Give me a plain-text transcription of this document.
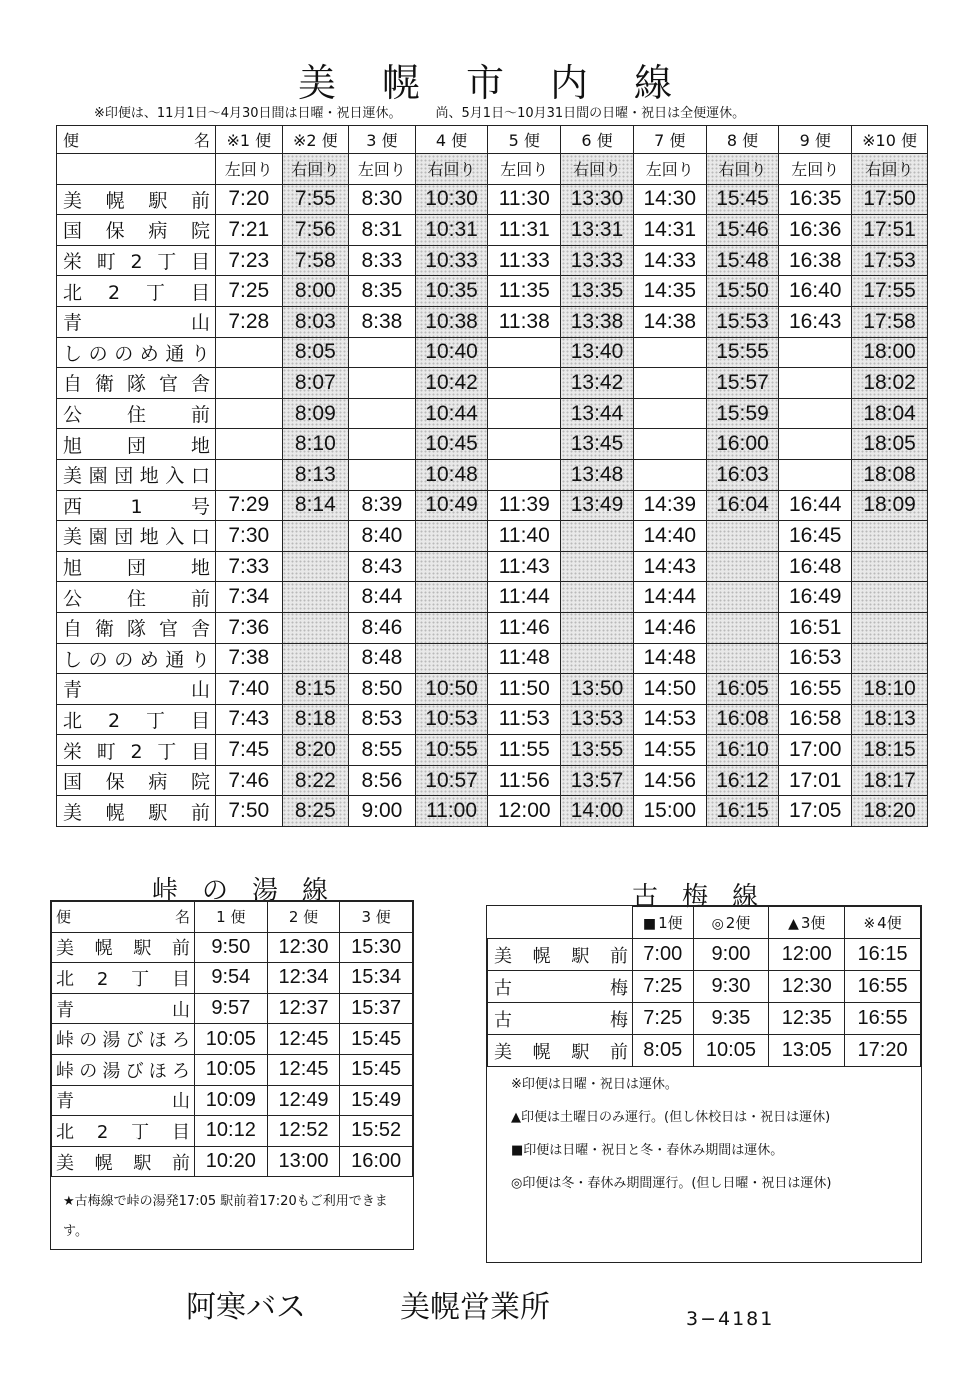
美幌市内線
※印便は、11月1日〜4月30日間は日曜・祝日運休。	尚、5月1日〜10月31日間の日曜・祝日は全便運休。
便 名	※1 便	※2 便	3 便	4 便	5 便	6 便	7 便	8 便	9 便	※10 便
	左回り	右回り	左回り	右回り	左回り	右回り	左回り	右回り	左回り	右回り
美幌駅前	7:20	7:55	8:30	10:30	11:30	13:30	14:30	15:45	16:35	17:50
国保病院	7:21	7:56	8:31	10:31	11:31	13:31	14:31	15:46	16:36	17:51
栄町2丁目	7:23	7:58	8:33	10:33	11:33	13:33	14:33	15:48	16:38	17:53
北2丁目	7:25	8:00	8:35	10:35	11:35	13:35	14:35	15:50	16:40	17:55
青山	7:28	8:03	8:38	10:38	11:38	13:38	14:38	15:53	16:43	17:58
しののめ通り		8:05		10:40		13:40		15:55		18:00
自衛隊官舎		8:07		10:42		13:42		15:57		18:02
公住前		8:09		10:44		13:44		15:59		18:04
旭団地		8:10		10:45		13:45		16:00		18:05
美園団地入口		8:13		10:48		13:48		16:03		18:08
西1号	7:29	8:14	8:39	10:49	11:39	13:49	14:39	16:04	16:44	18:09
美園団地入口	7:30		8:40		11:40		14:40		16:45	
旭団地	7:33		8:43		11:43		14:43		16:48	
公住前	7:34		8:44		11:44		14:44		16:49	
自衛隊官舎	7:36		8:46		11:46		14:46		16:51	
しののめ通り	7:38		8:48		11:48		14:48		16:53	
青山	7:40	8:15	8:50	10:50	11:50	13:50	14:50	16:05	16:55	18:10
北2丁目	7:43	8:18	8:53	10:53	11:53	13:53	14:53	16:08	16:58	18:13
栄町2丁目	7:45	8:20	8:55	10:55	11:55	13:55	14:55	16:10	17:00	18:15
国保病院	7:46	8:22	8:56	10:57	11:56	13:57	14:56	16:12	17:01	18:17
美幌駅前	7:50	8:25	9:00	11:00	12:00	14:00	15:00	16:15	17:05	18:20
峠の湯線
便 名	1 便	2 便	3 便
美幌駅前	9:50	12:30	15:30
北2丁目	9:54	12:34	15:34
青山	9:57	12:37	15:37
峠の湯びほろ	10:05	12:45	15:45
峠の湯びほろ	10:05	12:45	15:45
青山	10:09	12:49	15:49
北2丁目	10:12	12:52	15:52
美幌駅前	10:20	13:00	16:00
★古梅線で峠の湯発17:05 駅前着17:20もご利用できます。
古梅線
	■ 1便	◎ 2便	▲ 3便	※ 4便
美幌駅前	7:00	9:00	12:00	16:15
古梅	7:25	9:30	12:30	16:55
古梅	7:25	9:35	12:35	16:55
美幌駅前	8:05	10:05	13:05	17:20
※印便は日曜・祝日は運休。
▲印便は土曜日のみ運行。(但し休校日は・祝日は運休)
■印便は日曜・祝日と冬・春休み期間は運休。
◎印便は冬・春休み期間運行。(但し日曜・祝日は運休)
阿寒バス	美幌営業所	3−4181
